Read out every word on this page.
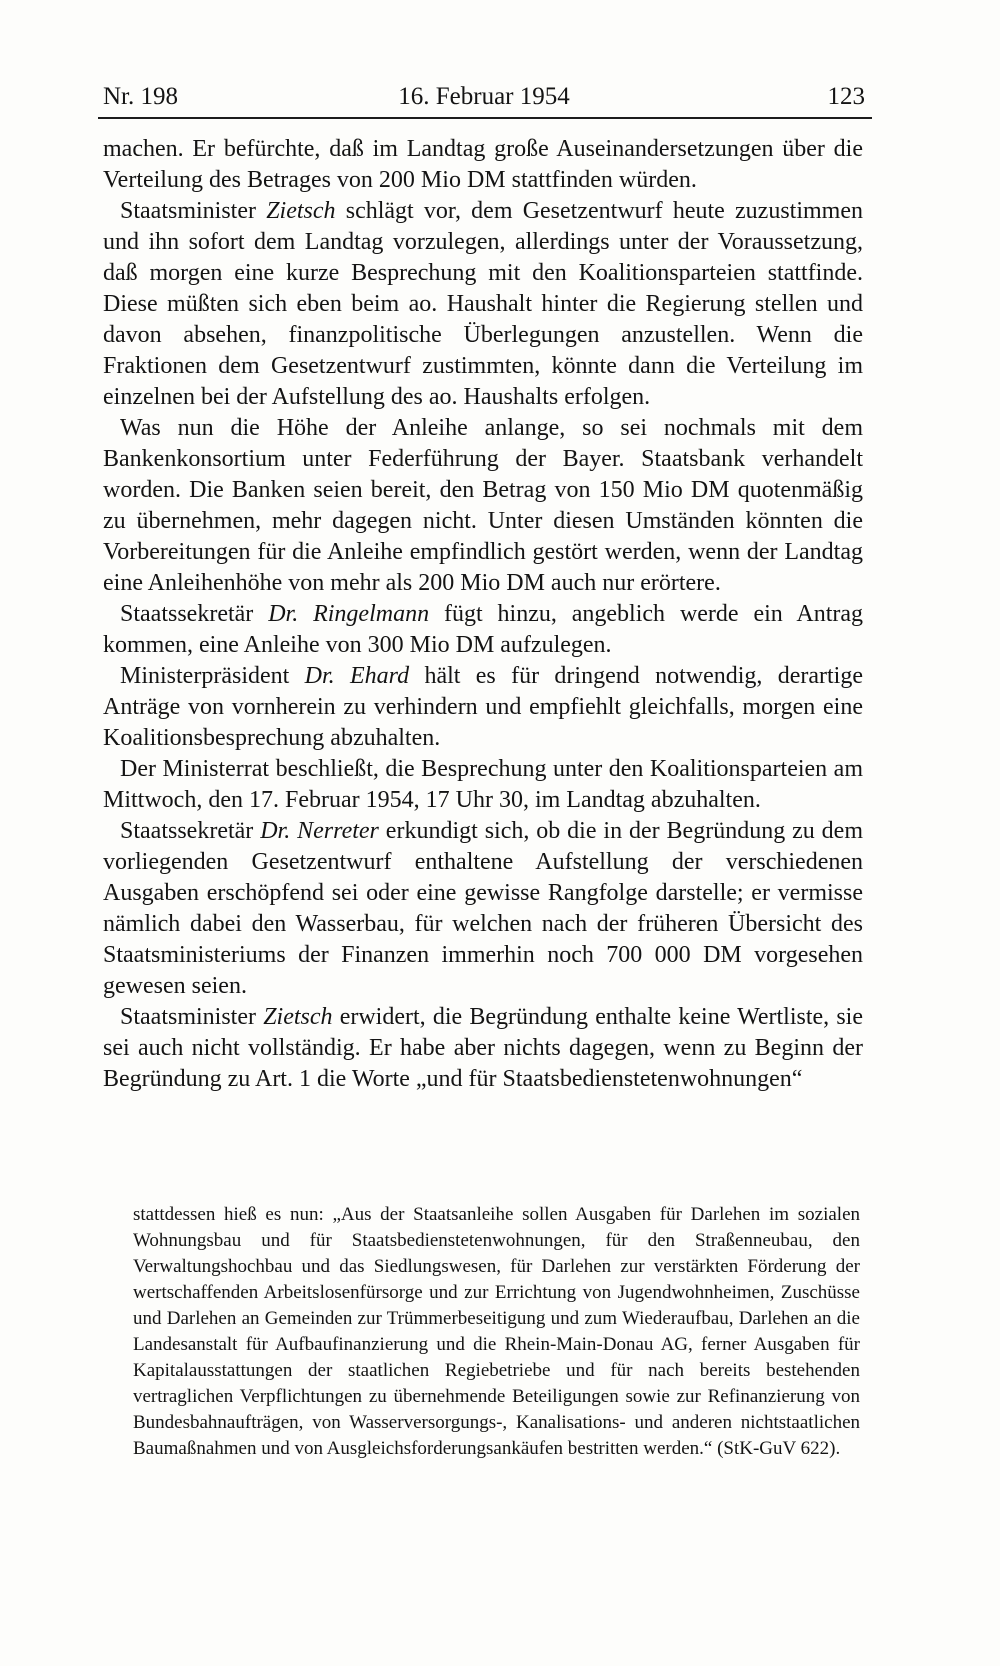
Nr. 198	16. Februar 1954	123

machen. Er befürchte, daß im Landtag große Auseinandersetzungen über die Verteilung des Betrages von 200 Mio DM stattfinden würden.

Staatsminister Zietsch schlägt vor, dem Gesetzentwurf heute zuzustimmen und ihn sofort dem Landtag vorzulegen, allerdings unter der Voraussetzung, daß morgen eine kurze Besprechung mit den Koalitionsparteien stattfinde. Diese müßten sich eben beim ao. Haushalt hinter die Regierung stellen und davon absehen, finanzpolitische Überlegungen anzustellen. Wenn die Fraktionen dem Gesetzentwurf zustimmten, könnte dann die Verteilung im einzelnen bei der Aufstellung des ao. Haushalts erfolgen.

Was nun die Höhe der Anleihe anlange, so sei nochmals mit dem Bankenkonsortium unter Federführung der Bayer. Staatsbank verhandelt worden. Die Banken seien bereit, den Betrag von 150 Mio DM quotenmäßig zu übernehmen, mehr dagegen nicht. Unter diesen Umständen könnten die Vorbereitungen für die Anleihe empfindlich gestört werden, wenn der Landtag eine Anleihenhöhe von mehr als 200 Mio DM auch nur erörtere.

Staatssekretär Dr. Ringelmann fügt hinzu, angeblich werde ein Antrag kommen, eine Anleihe von 300 Mio DM aufzulegen.

Ministerpräsident Dr. Ehard hält es für dringend notwendig, derartige Anträge von vornherein zu verhindern und empfiehlt gleichfalls, morgen eine Koalitionsbesprechung abzuhalten.

Der Ministerrat beschließt, die Besprechung unter den Koalitionsparteien am Mittwoch, den 17. Februar 1954, 17 Uhr 30, im Landtag abzuhalten.

Staatssekretär Dr. Nerreter erkundigt sich, ob die in der Begründung zu dem vorliegenden Gesetzentwurf enthaltene Aufstellung der verschiedenen Ausgaben erschöpfend sei oder eine gewisse Rangfolge darstelle; er vermisse nämlich dabei den Wasserbau, für welchen nach der früheren Übersicht des Staatsministeriums der Finanzen immerhin noch 700 000 DM vorgesehen gewesen seien.

Staatsminister Zietsch erwidert, die Begründung enthalte keine Wertliste, sie sei auch nicht vollständig. Er habe aber nichts dagegen, wenn zu Beginn der Begründung zu Art. 1 die Worte „und für Staatsbedienstetenwohnungen“

stattdessen hieß es nun: „Aus der Staatsanleihe sollen Ausgaben für Darlehen im sozialen Wohnungsbau und für Staatsbedienstetenwohnungen, für den Straßenneubau, den Verwaltungshochbau und das Siedlungswesen, für Darlehen zur verstärkten Förderung der wertschaffenden Arbeitslosenfürsorge und zur Errichtung von Jugendwohnheimen, Zuschüsse und Darlehen an Gemeinden zur Trümmerbeseitigung und zum Wiederaufbau, Darlehen an die Landesanstalt für Aufbaufinanzierung und die Rhein-Main-Donau AG, ferner Ausgaben für Kapitalausstattungen der staatlichen Regiebetriebe und für nach bereits bestehenden vertraglichen Verpflichtungen zu übernehmende Beteiligungen sowie zur Refinanzierung von Bundesbahnaufträgen, von Wasserversorgungs-, Kanalisations- und anderen nichtstaatlichen Baumaßnahmen und von Ausgleichsforderungsankäufen bestritten werden.“ (StK-GuV 622).
